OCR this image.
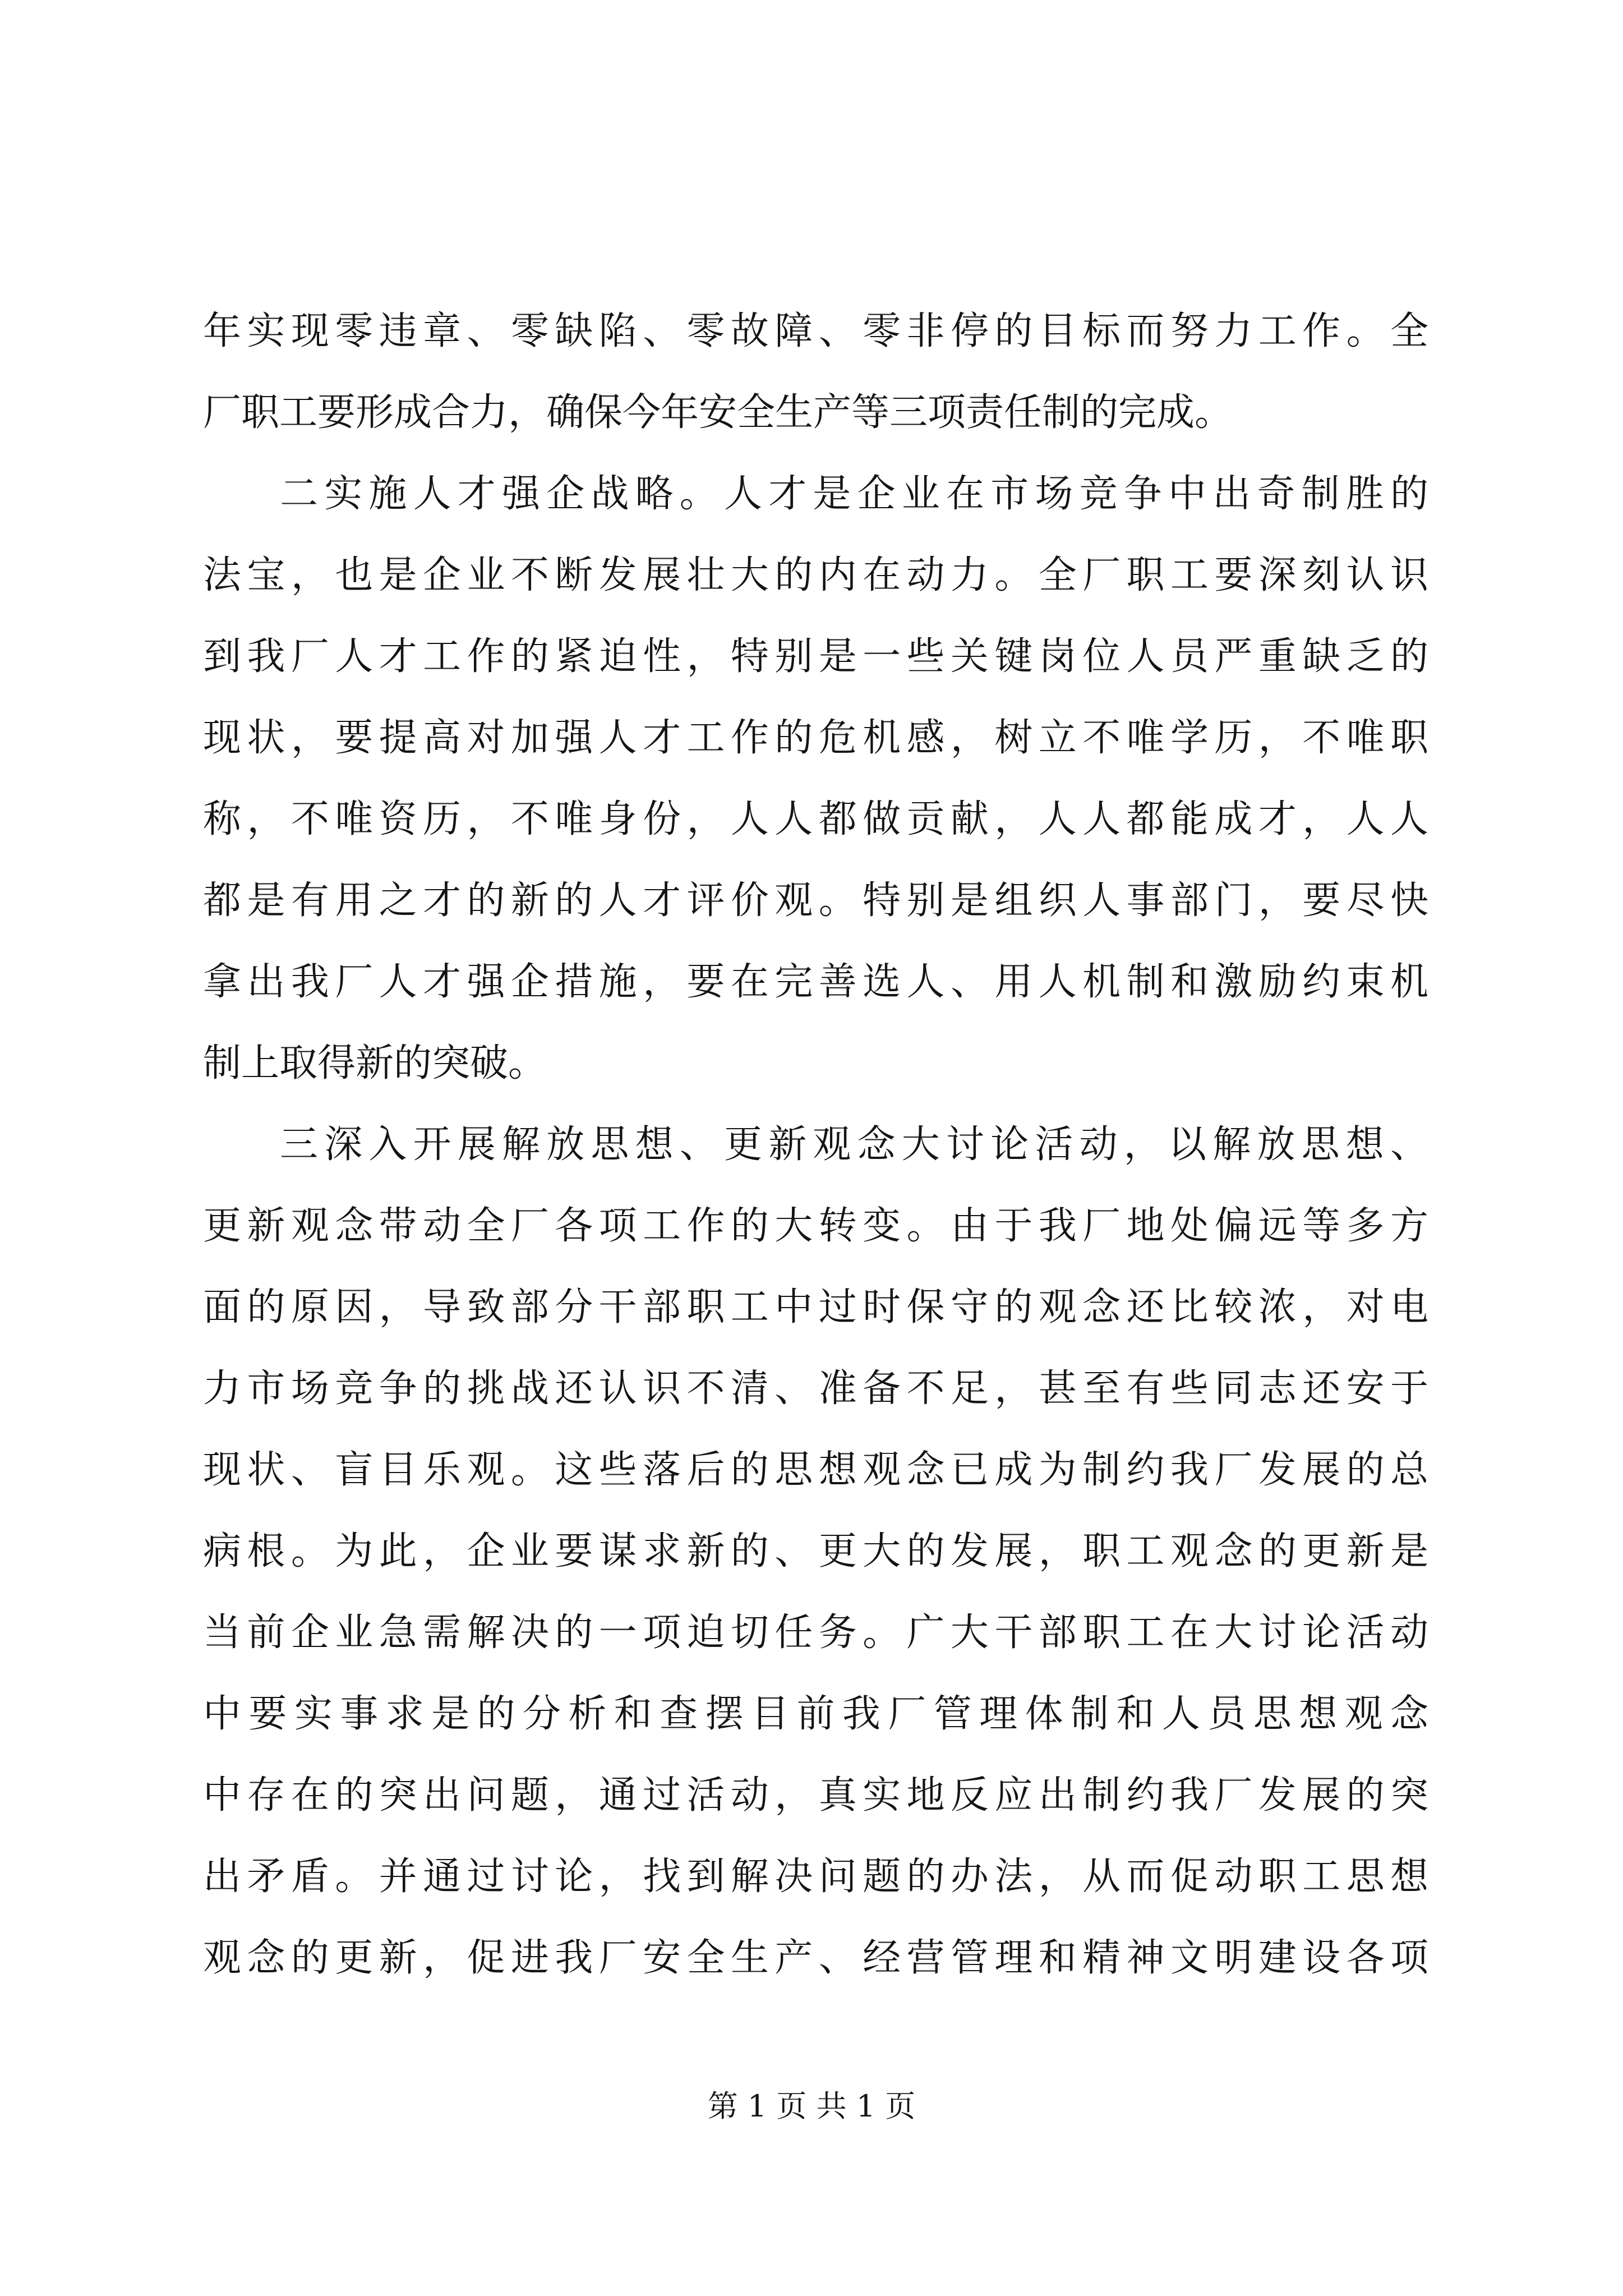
年实现零违章、零缺陷、零故障、零非停的目标而努力工作。全
厂职工要形成合力，确保今年安全生产等三项责任制的完成。
二实施人才强企战略。人才是企业在市场竞争中出奇制胜的
法宝，也是企业不断发展壮大的内在动力。全厂职工要深刻认识
到我厂人才工作的紧迫性，特别是一些关键岗位人员严重缺乏的
现状，要提高对加强人才工作的危机感，树立不唯学历，不唯职
称，不唯资历，不唯身份，人人都做贡献，人人都能成才，人人
都是有用之才的新的人才评价观。特别是组织人事部门，要尽快
拿出我厂人才强企措施，要在完善选人、用人机制和激励约束机
制上取得新的突破。
三深入开展解放思想、更新观念大讨论活动，以解放思想、
更新观念带动全厂各项工作的大转变。由于我厂地处偏远等多方
面的原因，导致部分干部职工中过时保守的观念还比较浓，对电
力市场竞争的挑战还认识不清、准备不足，甚至有些同志还安于
现状、盲目乐观。这些落后的思想观念已成为制约我厂发展的总
病根。为此，企业要谋求新的、更大的发展，职工观念的更新是
当前企业急需解决的一项迫切任务。广大干部职工在大讨论活动
中要实事求是的分析和查摆目前我厂管理体制和人员思想观念
中存在的突出问题，通过活动，真实地反应出制约我厂发展的突
出矛盾。并通过讨论，找到解决问题的办法，从而促动职工思想
观念的更新，促进我厂安全生产、经营管理和精神文明建设各项
第 1 页 共 1 页
